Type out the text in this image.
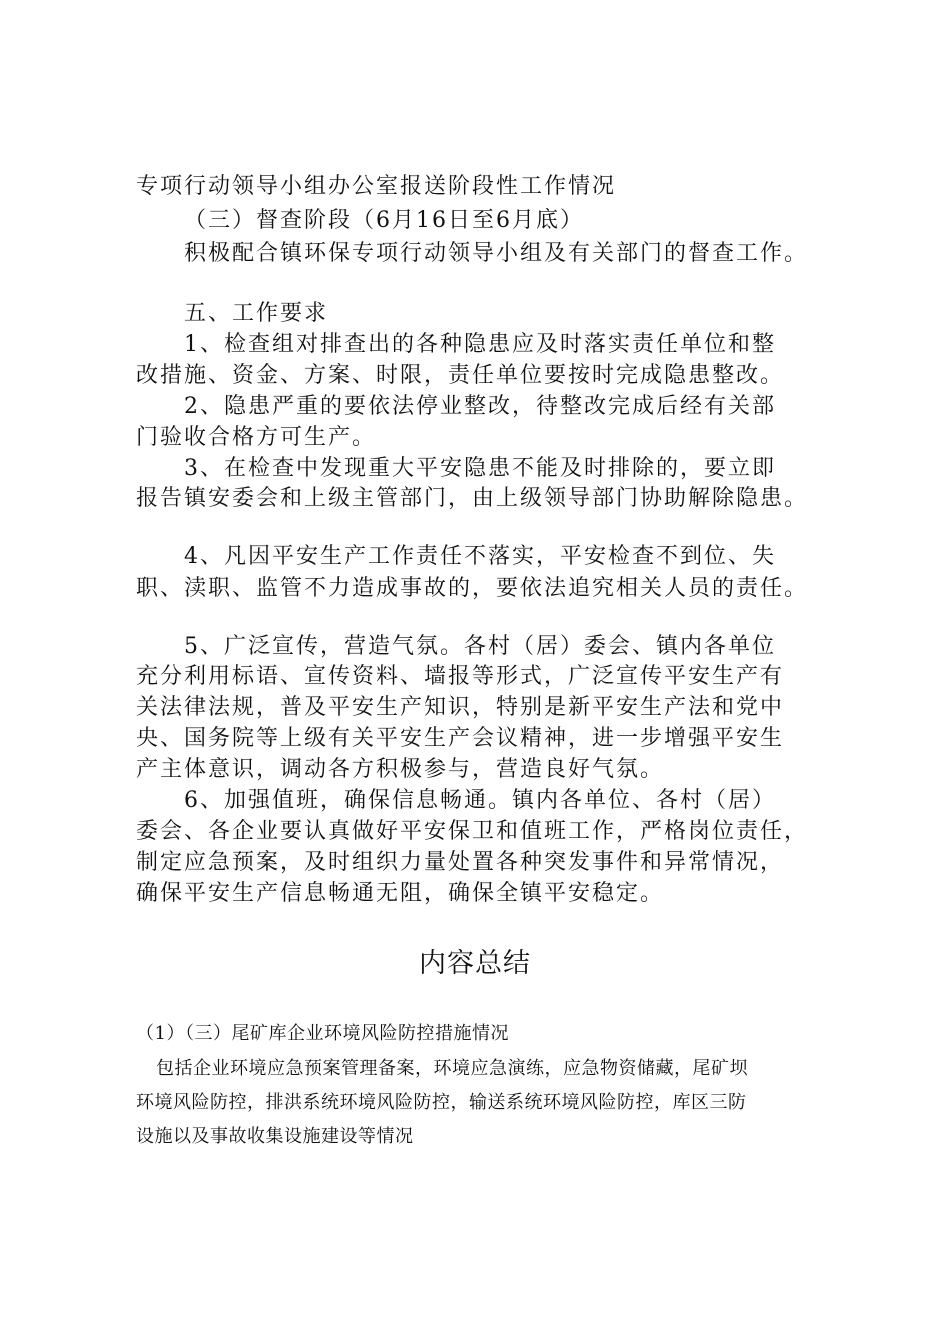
专项行动领导小组办公室报送阶段性工作情况
（三）督查阶段（6月16日至6月底）
积极配合镇环保专项行动领导小组及有关部门的督查工作。
五、工作要求
1、检查组对排查出的各种隐患应及时落实责任单位和整
改措施、资金、方案、时限，责任单位要按时完成隐患整改。
2、隐患严重的要依法停业整改，待整改完成后经有关部
门验收合格方可生产。
3、在检查中发现重大平安隐患不能及时排除的，要立即
报告镇安委会和上级主管部门，由上级领导部门协助解除隐患。
4、凡因平安生产工作责任不落实，平安检查不到位、失
职、渎职、监管不力造成事故的，要依法追究相关人员的责任。
5、广泛宣传，营造气氛。各村（居）委会、镇内各单位
充分利用标语、宣传资料、墙报等形式，广泛宣传平安生产有
关法律法规，普及平安生产知识，特别是新平安生产法和党中
央、国务院等上级有关平安生产会议精神，进一步增强平安生
产主体意识，调动各方积极参与，营造良好气氛。
6、加强值班，确保信息畅通。镇内各单位、各村（居）
委会、各企业要认真做好平安保卫和值班工作，严格岗位责任，
制定应急预案，及时组织力量处置各种突发事件和异常情况，
确保平安生产信息畅通无阻，确保全镇平安稳定。
内容总结
（1）（三）尾矿库企业环境风险防控措施情况
包括企业环境应急预案管理备案，环境应急演练，应急物资储藏，尾矿坝
环境风险防控，排洪系统环境风险防控，输送系统环境风险防控，库区三防
设施以及事故收集设施建设等情况
